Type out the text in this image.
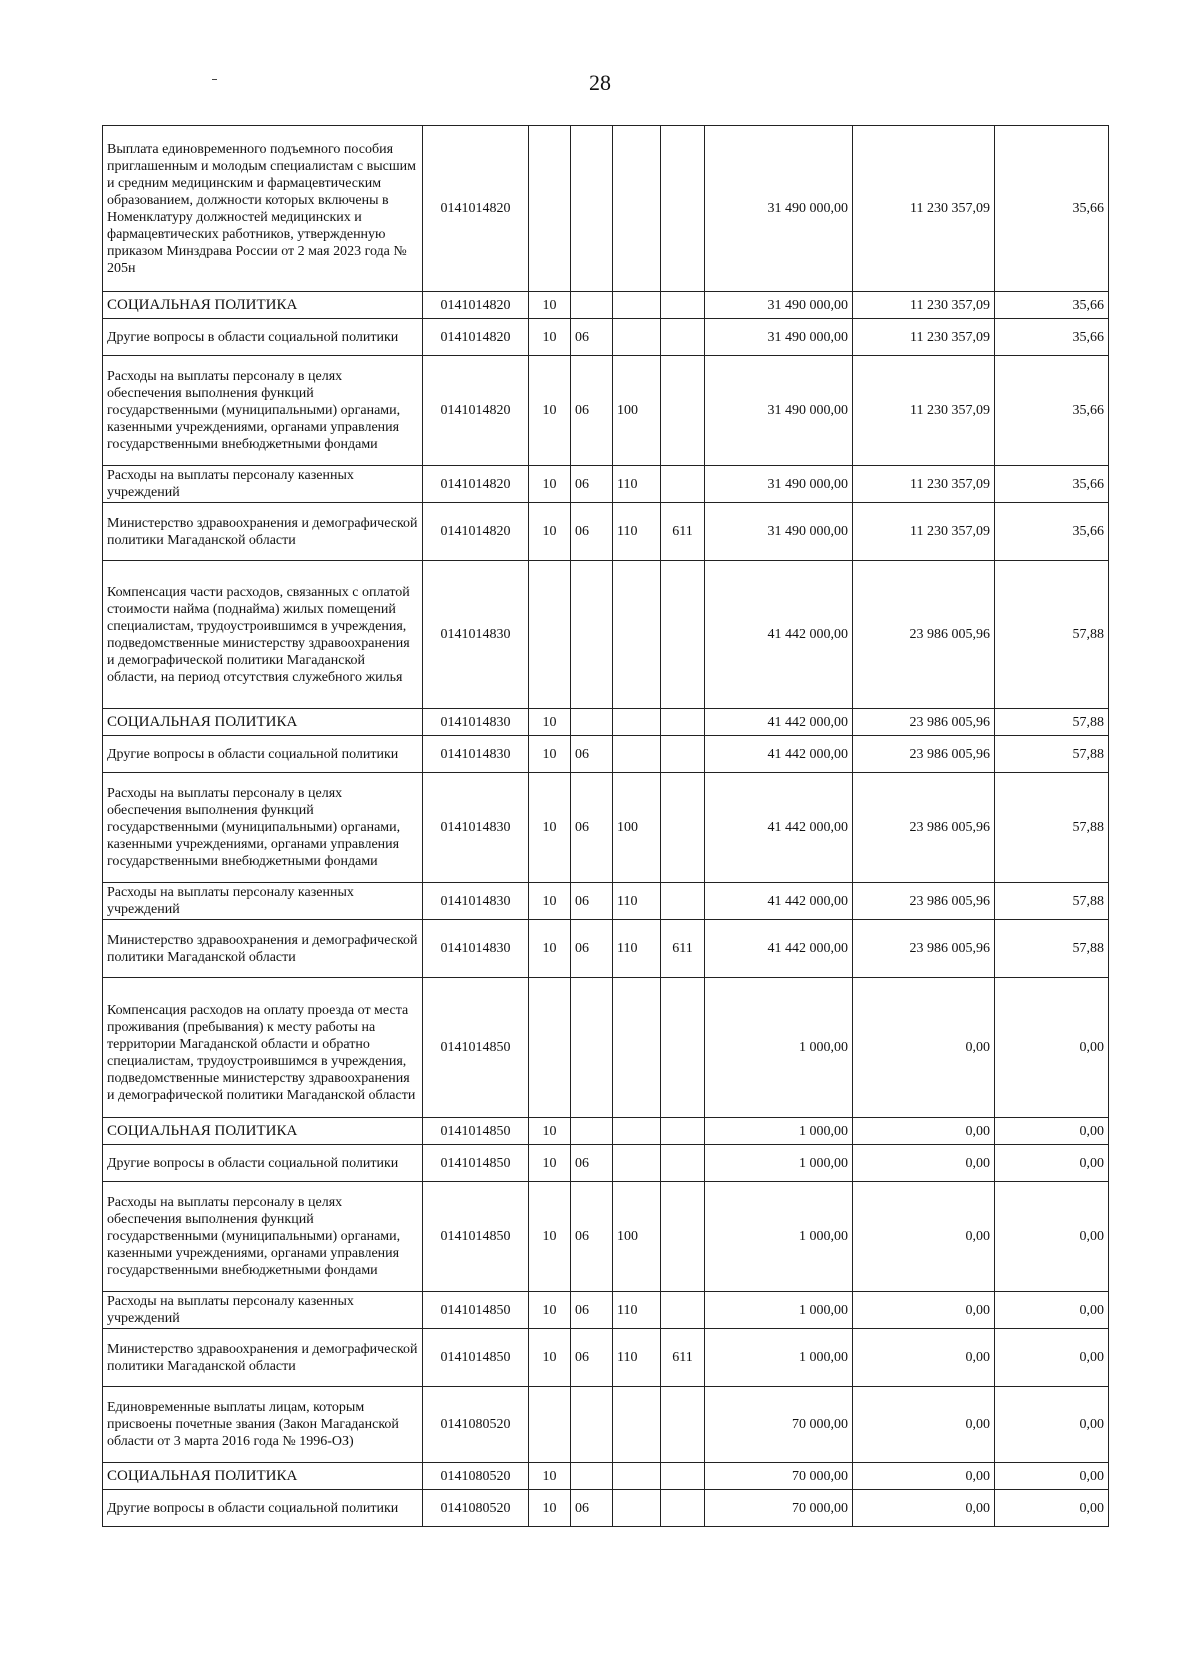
28
Выплата единовременного подъемного пособия приглашенным и молодым специалистам с высшим и средним медицинским и фармацевтическим образованием, должности которых включены в Номенклатуру должностей медицинских и фармацевтических работников, утвержденную приказом Минздрава России от 2 мая 2023 года № 205н	0141014820					31 490 000,00	11 230 357,09	35,66
СОЦИАЛЬНАЯ ПОЛИТИКА	0141014820	10				31 490 000,00	11 230 357,09	35,66
Другие вопросы в области социальной политики	0141014820	10	06			31 490 000,00	11 230 357,09	35,66
Расходы на выплаты персоналу в целях обеспечения выполнения функций государственными (муниципальными) органами, казенными учреждениями, органами управления государственными внебюджетными фондами	0141014820	10	06	100		31 490 000,00	11 230 357,09	35,66
Расходы на выплаты персоналу казенных учреждений	0141014820	10	06	110		31 490 000,00	11 230 357,09	35,66
Министерство здравоохранения и демографической политики Магаданской области	0141014820	10	06	110	611	31 490 000,00	11 230 357,09	35,66
Компенсация части расходов, связанных с оплатой стоимости найма (поднайма) жилых помещений специалистам, трудоустроившимся в учреждения, подведомственные министерству здравоохранения и демографической политики Магаданской области, на период отсутствия служебного жилья	0141014830					41 442 000,00	23 986 005,96	57,88
СОЦИАЛЬНАЯ ПОЛИТИКА	0141014830	10				41 442 000,00	23 986 005,96	57,88
Другие вопросы в области социальной политики	0141014830	10	06			41 442 000,00	23 986 005,96	57,88
Расходы на выплаты персоналу в целях обеспечения выполнения функций государственными (муниципальными) органами, казенными учреждениями, органами управления государственными внебюджетными фондами	0141014830	10	06	100		41 442 000,00	23 986 005,96	57,88
Расходы на выплаты персоналу казенных учреждений	0141014830	10	06	110		41 442 000,00	23 986 005,96	57,88
Министерство здравоохранения и демографической политики Магаданской области	0141014830	10	06	110	611	41 442 000,00	23 986 005,96	57,88
Компенсация расходов на оплату проезда от места проживания (пребывания) к месту работы на территории Магаданской области и обратно специалистам, трудоустроившимся в учреждения, подведомственные министерству здравоохранения и демографической политики Магаданской области	0141014850					1 000,00	0,00	0,00
СОЦИАЛЬНАЯ ПОЛИТИКА	0141014850	10				1 000,00	0,00	0,00
Другие вопросы в области социальной политики	0141014850	10	06			1 000,00	0,00	0,00
Расходы на выплаты персоналу в целях обеспечения выполнения функций государственными (муниципальными) органами, казенными учреждениями, органами управления государственными внебюджетными фондами	0141014850	10	06	100		1 000,00	0,00	0,00
Расходы на выплаты персоналу казенных учреждений	0141014850	10	06	110		1 000,00	0,00	0,00
Министерство здравоохранения и демографической политики Магаданской области	0141014850	10	06	110	611	1 000,00	0,00	0,00
Единовременные выплаты лицам, которым присвоены почетные звания (Закон Магаданской области от 3 марта 2016 года № 1996-ОЗ)	0141080520					70 000,00	0,00	0,00
СОЦИАЛЬНАЯ ПОЛИТИКА	0141080520	10				70 000,00	0,00	0,00
Другие вопросы в области социальной политики	0141080520	10	06			70 000,00	0,00	0,00
